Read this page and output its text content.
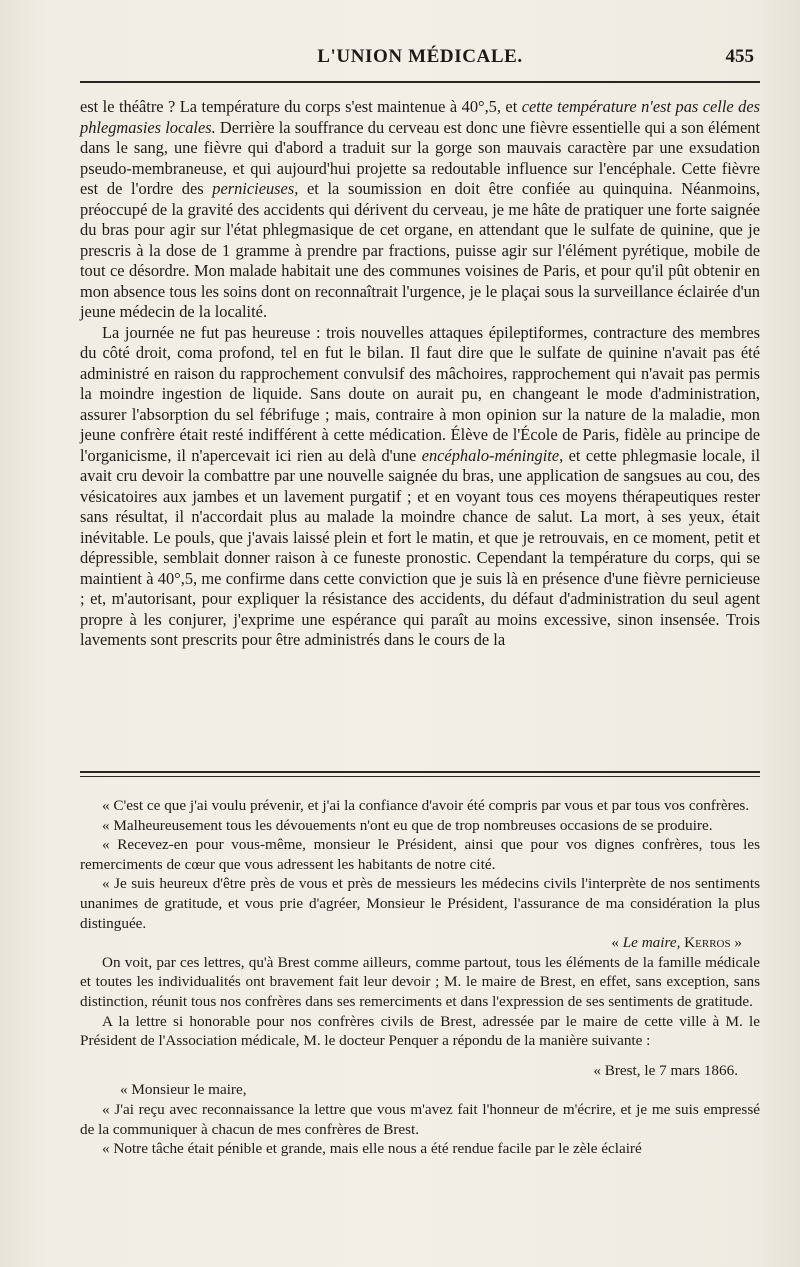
L'UNION MÉDICALE.	455

est le théâtre ? La température du corps s'est maintenue à 40°,5, et cette température n'est pas celle des phlegmasies locales. Derrière la souffrance du cerveau est donc une fièvre essentielle qui a son élément dans le sang, une fièvre qui d'abord a traduit sur la gorge son mauvais caractère par une exsudation pseudo-membraneuse, et qui aujourd'hui projette sa redoutable influence sur l'encéphale. Cette fièvre est de l'ordre des pernicieuses, et la soumission en doit être confiée au quinquina. Néanmoins, préoccupé de la gravité des accidents qui dérivent du cerveau, je me hâte de pratiquer une forte saignée du bras pour agir sur l'état phlegmasique de cet organe, en attendant que le sulfate de quinine, que je prescris à la dose de 1 gramme à prendre par fractions, puisse agir sur l'élément pyrétique, mobile de tout ce désordre. Mon malade habitait une des communes voisines de Paris, et pour qu'il pût obtenir en mon absence tous les soins dont on reconnaîtrait l'urgence, je le plaçai sous la surveillance éclairée d'un jeune médecin de la localité.

La journée ne fut pas heureuse : trois nouvelles attaques épileptiformes, contracture des membres du côté droit, coma profond, tel en fut le bilan. Il faut dire que le sulfate de quinine n'avait pas été administré en raison du rapprochement convulsif des mâchoires, rapprochement qui n'avait pas permis la moindre ingestion de liquide. Sans doute on aurait pu, en changeant le mode d'administration, assurer l'absorption du sel fébrifuge ; mais, contraire à mon opinion sur la nature de la maladie, mon jeune confrère était resté indifférent à cette médication. Élève de l'École de Paris, fidèle au principe de l'organicisme, il n'apercevait ici rien au delà d'une encéphalo-méningite, et cette phlegmasie locale, il avait cru devoir la combattre par une nouvelle saignée du bras, une application de sangsues au cou, des vésicatoires aux jambes et un lavement purgatif ; et en voyant tous ces moyens thérapeutiques rester sans résultat, il n'accordait plus au malade la moindre chance de salut. La mort, à ses yeux, était inévitable. Le pouls, que j'avais laissé plein et fort le matin, et que je retrouvais, en ce moment, petit et dépressible, semblait donner raison à ce funeste pronostic. Cependant la température du corps, qui se maintient à 40°,5, me confirme dans cette conviction que je suis là en présence d'une fièvre pernicieuse ; et, m'autorisant, pour expliquer la résistance des accidents, du défaut d'administration du seul agent propre à les conjurer, j'exprime une espérance qui paraît au moins excessive, sinon insensée. Trois lavements sont prescrits pour être administrés dans le cours de la

« C'est ce que j'ai voulu prévenir, et j'ai la confiance d'avoir été compris par vous et par tous vos confrères.

« Malheureusement tous les dévouements n'ont eu que de trop nombreuses occasions de se produire.

« Recevez-en pour vous-même, monsieur le Président, ainsi que pour vos dignes confrères, tous les remerciments de cœur que vous adressent les habitants de notre cité.

« Je suis heureux d'être près de vous et près de messieurs les médecins civils l'interprète de nos sentiments unanimes de gratitude, et vous prie d'agréer, Monsieur le Président, l'assurance de ma considération la plus distinguée.

« Le maire, Kerros »

On voit, par ces lettres, qu'à Brest comme ailleurs, comme partout, tous les éléments de la famille médicale et toutes les individualités ont bravement fait leur devoir ; M. le maire de Brest, en effet, sans exception, sans distinction, réunit tous nos confrères dans ses remerciments et dans l'expression de ses sentiments de gratitude.

A la lettre si honorable pour nos confrères civils de Brest, adressée par le maire de cette ville à M. le Président de l'Association médicale, M. le docteur Penquer a répondu de la manière suivante :

« Brest, le 7 mars 1866.

« Monsieur le maire,

« J'ai reçu avec reconnaissance la lettre que vous m'avez fait l'honneur de m'écrire, et je me suis empressé de la communiquer à chacun de mes confrères de Brest.

« Notre tâche était pénible et grande, mais elle nous a été rendue facile par le zèle éclairé
